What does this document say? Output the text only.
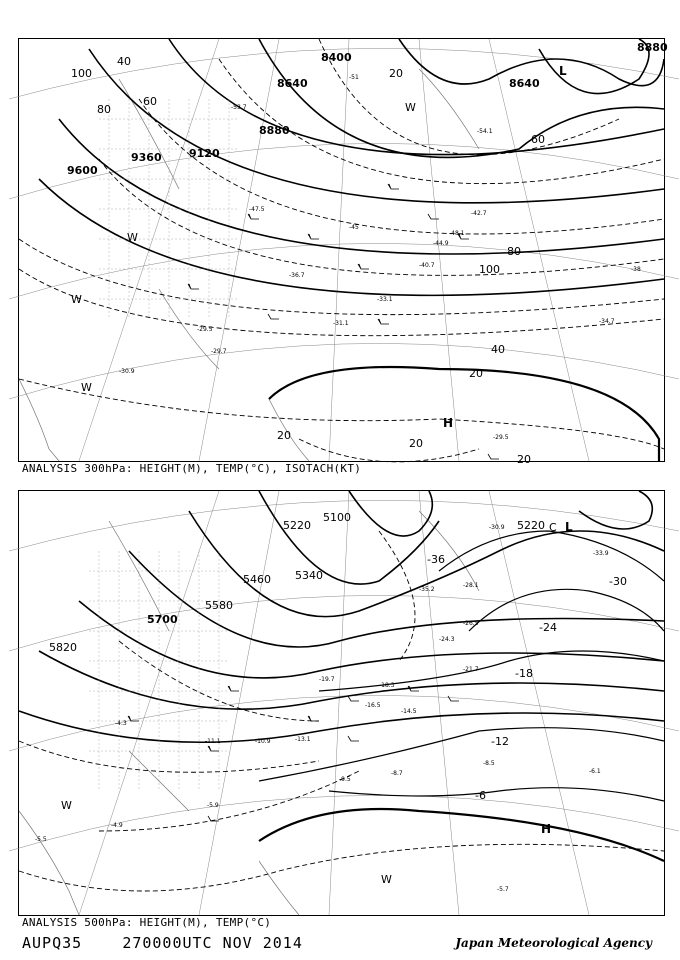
9600
9360 9120
8880
8640
8400
8880
8640
100
80
60
40
20
100
80
60
40
20
20
20
20
-45
-47.5
-44.9
-40.7
-36.7
-33.1
-31.1
-29.5
-29.7
-30.9
-51
-53.7
-54.1
-48.1
-42.7
-38
-34.7
-29.5
L
H
W
W
W
W
ANALYSIS 300hPa: HEIGHT(M), TEMP(°C), ISOTACH(KT)
5820
5700
5580
5460 5340
5220
5100
5220
-36
-30
-24
-18
-12
-6
-28.1
-26.5
-24.3
-21.7
-19.7
-18.3
-16.5
-14.5
-13.1
-11.1	-10.9
-9.5
-8.7
-8.5
-6.1
-5.9
-5.5
-5.7
-4.9
-4.3
-35.2
-33.9
-30.9	L
H
W
W
C
ANALYSIS 500hPa: HEIGHT(M), TEMP(°C)
AUPQ35	270000UTC NOV 2014	Japan Meteorological Agency
